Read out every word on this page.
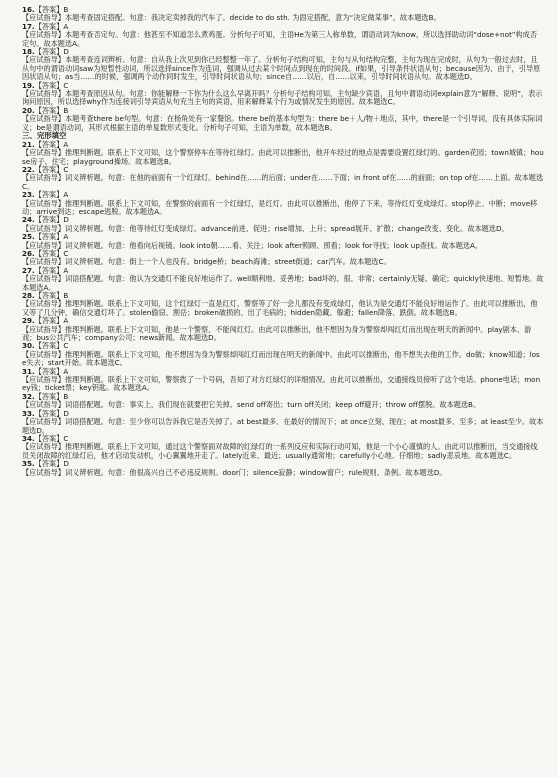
16.【答案】B
【应试指导】本题考查固定搭配。句意：我决定卖掉我的汽车了。decide to do sth. 为固定搭配，意为“决定做某事”。故本题选B。
17.【答案】A
【应试指导】本题考查否定句。句意：他甚至不知道怎么煮鸡蛋。分析句子可知，主语He为第三人称单数，谓语动词为know，所以选择助动词“dose+not”构成否定句。故本题选A。
18.【答案】D
【应试指导】本题考查连词辨析。句意：自从我上次见到你已经整整一年了。分析句子结构可知，主句与从句结构完整，主句为现在完成时，从句为一般过去时，且从句中的谓语动词saw为短暂性动词，所以选择since作为连词，强调从过去某个时间点到现在的时间段。if如果，引导条件状语从句；because因为、由于，引导原因状语从句；as当……的时候，强调两个动作同时发生，引导时间状语从句；since自……以后，自……以来，引导时间状语从句。故本题选D。
19.【答案】C
【应试指导】本题考查原因从句。句意：你能解释一下你为什么这么早离开吗？分析句子结构可知，主句缺少宾语，且句中谓语动词explain意为“解释、说明”，表示询问原因，所以选择why作为连接词引导宾语从句充当主句的宾语，用来解释某个行为或情况发生的原因。故本题选C。
20.【答案】B
【应试指导】本题考查there be句型。句意：在杨角处有一家餐馆。there be的基本句型为：there be＋人/物＋地点，其中，there是一个引导词，没有具体实际词义；be是谓语动词，其形式根据主语的单复数形式变化。分析句子可知，主语为单数，故本题选B。
三、完形填空
21.【答案】A
【应试指导】推理判断题。联系上下文可知，这个警察停车在等待红绿灯。由此可以推断出，他开车经过的地点是需要设置红绿灯的。garden花园；town城镇；house房子、住宅；playground操场。故本题选B。
22.【答案】C
【应试指导】词义辨析题。句意：在他的前面有一个红绿灯。behind在……的后面；under在……下面；in front of在……的前面；on top of在……上面。故本题选C。
23.【答案】A
【应试指导】推理判断题。联系上下文可知，在警察的前面有一个红绿灯，是红灯。由此可以推断出，他停了下来，等待红灯变成绿灯。stop停止、中断；move移动；arrive到达；escape逃脱。故本题选A。
24.【答案】D
【应试指导】词义辨析题。句意：他等待红灯变成绿灯。advance前进、促进；rise增加、上升；spread展开、扩散；change改变、变化。故本题选D。
25.【答案】A
【应试指导】词义辨析题。句意：他看向后视镜。look into朝……看、关注；look after照顾、照看；look for寻找；look up查找。故本题选A。
26.【答案】C
【应试指导】词义辨析题。句意：街上一个人也没有。bridge桥；beach海滩；street街道；car汽车。故本题选C。
27.【答案】A
【应试指导】词语搭配题。句意：他认为交通灯不能良好地运作了。well顺利地、妥善地；bad坏的、很、非常；certainly无疑、确定；quickly快速地、短暂地。故本题选A。
28.【答案】B
【应试指导】推理判断题。联系上下文可知，这个红绿灯一直是红灯，警察等了好一会儿都没有变成绿灯，他认为是交通灯不能良好地运作了。由此可以推断出，他又等了几分钟，确信交通灯坏了。stolen偷窃、割岳；broken破损的、出了毛病的；hidden隐藏、躲避；fallen降落、跌倒。故本题选B。
29.【答案】A
【应试指导】推理判断题。联系上下文可知，他是一个警察，不能闯红灯。由此可以推断出，他不想因为身为警察却闯红灯而出现在明天的新闻中。play剧本、游戏；bus公共汽车；company公司；news新闻。故本题选D。
30.【答案】C
【应试指导】推理判断题。联系上下文可知，他不想因为身为警察却闯红灯而出现在明天的新闻中。由此可以推断出，他不想失去他的工作。do做；know知道；lose失去；start开始。故本题选C。
31.【答案】A
【应试指导】推理判断题。联系上下文可知，警察拨了一个号码，吾知了对方红绿灯的详细情况。由此可以推断出，交通接线员接听了这个电话。phone电话；money钱；ticket票；key钥匙。故本题选A。
32.【答案】B
【应试指导】词语搭配题。句意：事实上，我们现在就要把它关掉。send off寄出；turn off关闭；keep off避开；throw off摆脱。故本题选B。
33.【答案】D
【应试指导】词语搭配题。句意：至少你可以告诉我它是否关掉了。at best最多、在最好的情况下；at once立刻、现在；at most最多、至多；at least至少。故本题选D。
34.【答案】C
【应试指导】推理判断题。联系上下文可知，通过这个警察面对故障的红绿灯的一系列反应和实际行动可知，他是一个小心谨慎的人。由此可以推断出，当交通接线员关闭故障的红绿灯后，他才启动发动机，小心翼翼地开走了。lately近来、最近；usually通常地；carefully小心地、仔细地；sadly悲哀地。故本题选C。
35.【答案】D
【应试指导】词义辨析题。句意：他很高兴自己不必违反规则。door门；silence寂静；window窗户；rule规则、条例。故本题选D。
